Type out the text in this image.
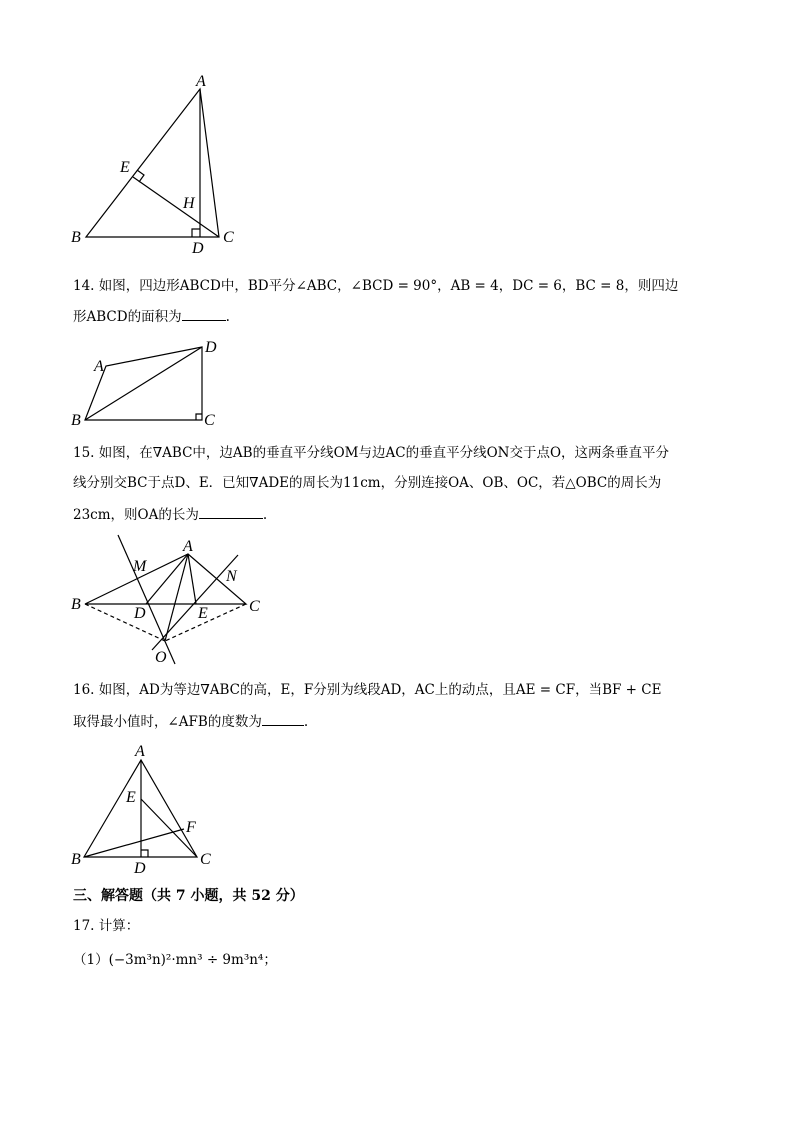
A
B	C
D
E
H
14. 如图，四边形ABCD中，BD平分∠ABC，∠BCD = 90°，AB = 4，DC = 6，BC = 8，则四边
形ABCD的面积为	.
A
B	C
D
15. 如图，在∇ABC中，边AB的垂直平分线OM与边AC的垂直平分线ON交于点O，这两条垂直平分
线分别交BC于点D、E．已知∇ADE的周长为11cm，分别连接OA、OB、OC，若△OBC的周长为
23cm，则OA的长为	.
A
B	C
D	E
M
N
O
16. 如图，AD为等边∇ABC的高，E，F分别为线段AD，AC上的动点，且AE = CF，当BF + CE
取得最小值时，∠AFB的度数为	.
A
B	C
D
E
F
三、解答题（共 7 小题，共 52 分）
17. 计算：
（1）(−3m³n)²·mn³ ÷ 9m³n⁴；
